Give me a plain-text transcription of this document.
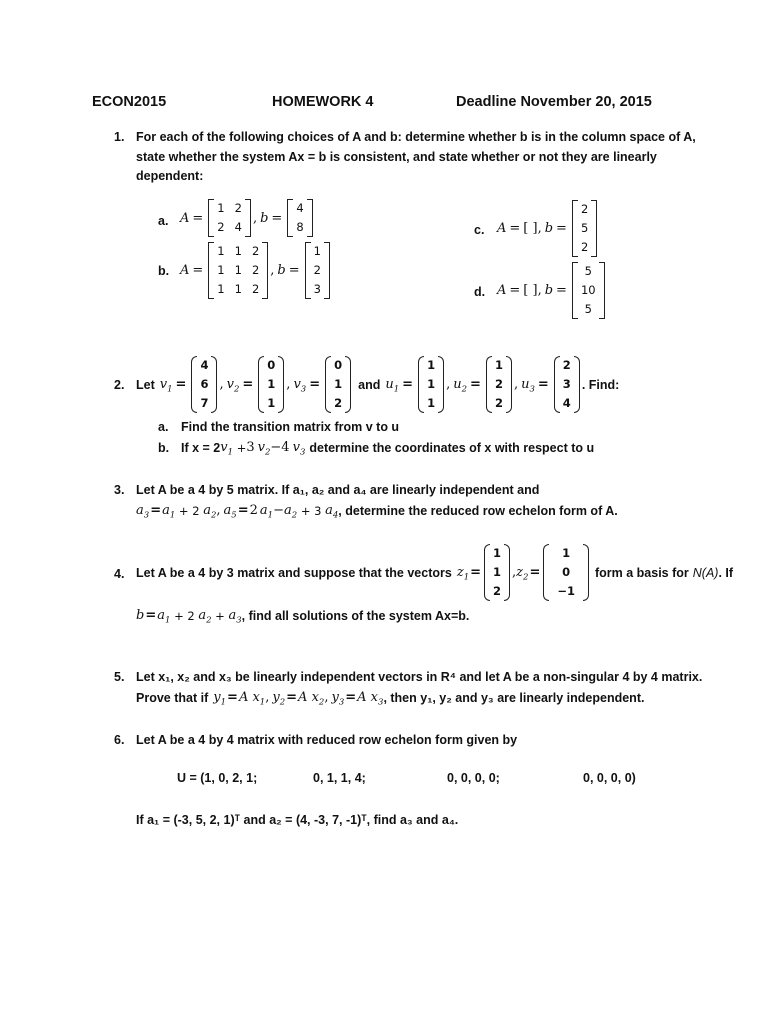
ECON2015	HOMEWORK 4	Deadline November 20, 2015
1. For each of the following choices of A and b: determine whether b is in the column space of A,
state whether the system Ax = b is consistent, and state whether or not they are linearly
dependent:
a. A =
1 2
2 4
, b =
4
8
b. A =
1 1 2
1 1 2
1 1 2
, b =
1
2
3
c. A = [ ] , b =
2
5
2
d. A = [ ] , b =
5
10
5
2. Let $v_1$ =
4
6
7
, $v_2$ =
0
1
1
, $v_3$ =
0
1
2
and $u_1$ =
1
1
1
, $u_2$ =
1
2
2
, $u_3$ =
2
3
4
. Find:
a. Find the transition matrix from v to u
b. If x = 2 $v_1 + 3$ $v_2 -4$ $v_3$ determine the coordinates of x with respect to u
3. Let A be a 4 by 5 matrix. If a₁, a₂ and a₄ are linearly independent and
$a_3 = a_1 + 2$ $a_2$ , $a_5 = 2$ $a_1 - a_2 + 3$ $a_4$ , determine the reduced row echelon form of A.
4. Let A be a 4 by 3 matrix and suppose that the vectors $z_1$ =
1
1
2
, $z_2$ =
1
0
−1
form a basis for N(A) . If
$b = a_1 + 2$ $a_2 + a_3$ , find all solutions of the system Ax=b.
5. Let x₁, x₂ and x₃ be linearly independent vectors in R⁴ and let A be a non-singular 4 by 4 matrix.
Prove that if $y_1 = A$ $x_1$ , $y_2 = A$ $x_2$ , $y_3 = A$ $x_3$ , then y₁, y₂ and y₃ are linearly independent.
6. Let A be a 4 by 4 matrix with reduced row echelon form given by
U = (1, 0, 2, 1;	0, 1, 1, 4;	0, 0, 0, 0;	0, 0, 0, 0)
If a₁ = (-3, 5, 2, 1)ᵀ and a₂ = (4, -3, 7, -1)ᵀ, find a₃ and a₄.
